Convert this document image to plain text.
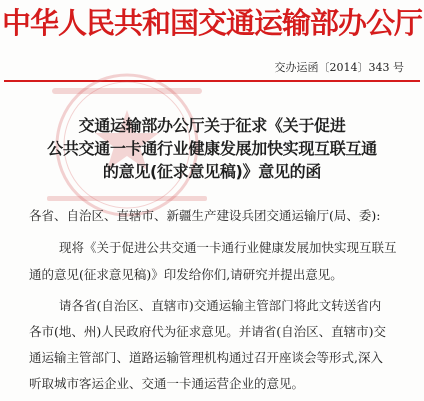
中华人民共和国交通运输部办公厅
交办运函〔2014〕343 号
交通运输部办公厅关于征求《关于促进
公共交通一卡通行业健康发展加快实现互联互通
的意见(征求意见稿)》意见的函
各省、自治区、直辖市、新疆生产建设兵团交通运输厅(局、委):
现将《关于促进公共交通一卡通行业健康发展加快实现互联互
通的意见(征求意见稿)》印发给你们,请研究并提出意见。
请各省(自治区、直辖市)交通运输主管部门将此文转送省内
各市(地、州)人民政府代为征求意见。并请省(自治区、直辖市)交
通运输主管部门、道路运输管理机构通过召开座谈会等形式,深入
听取城市客运企业、交通一卡通运营企业的意见。
